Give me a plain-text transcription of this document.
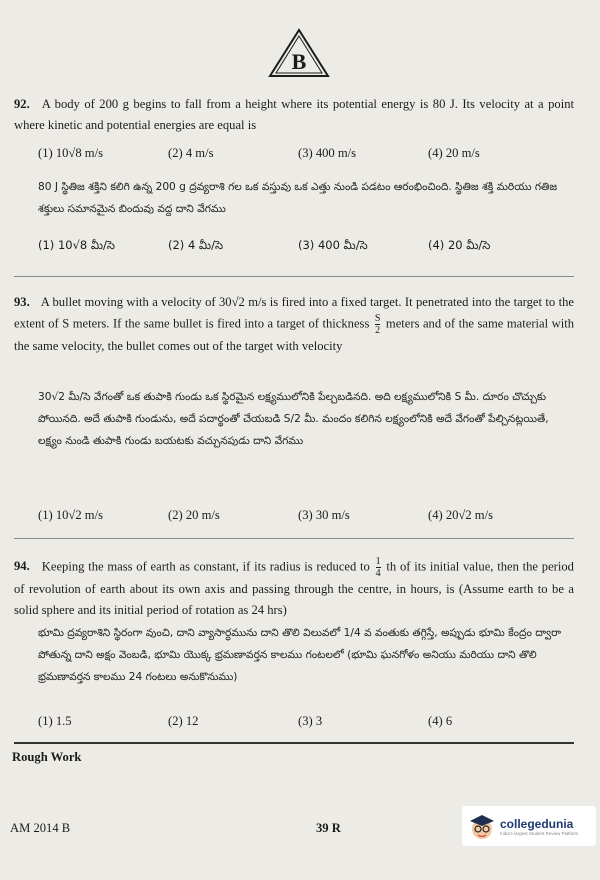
B
92. A body of 200 g begins to fall from a height where its potential energy is 80 J. Its velocity at a point where kinetic and potential energies are equal is
(1) 10√8 m/s	(2) 4 m/s	(3) 400 m/s	(4) 20 m/s
80 J స్థితిజ శక్తిని కలిగి ఉన్న 200 g ద్రవ్యరాశి గల ఒక వస్తువు ఒక ఎత్తు నుండి పడటం ఆరంభించింది. స్థితిజ శక్తి మరియు గతిజ శక్తులు సమానమైన బిందువు వద్ద దాని వేగము
(1) 10√8 మీ/సె	(2) 4 మీ/సె	(3) 400 మీ/సె	(4) 20 మీ/సె
93. A bullet moving with a velocity of 30√2 m/s is fired into a fixed target. It penetrated into the target to the extent of S meters. If the same bullet is fired into a target of thickness $\frac{S}{2}$ meters and of the same material with the same velocity, the bullet comes out of the target with velocity
30√2 మీ/సె వేగంతో ఒక తుపాకి గుండు ఒక స్థిరమైన లక్ష్యములోనికి పేల్చబడినది. అది లక్ష్యములోనికి S మీ. దూరం చొచ్చుకు పోయినది. అదే తుపాకి గుండును, అదే పదార్థంతో చేయబడి S/2 మీ. మందం కలిగిన లక్ష్యంలోనికి అదే వేగంతో పేల్చినట్లయితే, లక్ష్యం నుండి తుపాకి గుండు బయటకు వచ్చునపుడు దాని వేగము
(1) 10√2 m/s	(2) 20 m/s	(3) 30 m/s	(4) 20√2 m/s
94. Keeping the mass of earth as constant, if its radius is reduced to $\frac{1}{4}$ th of its initial value, then the period of revolution of earth about its own axis and passing through the centre, in hours, is (Assume earth to be a solid sphere and its initial period of rotation as 24 hrs)
భూమి ద్రవ్యరాశిని స్థిరంగా వుంచి, దాని వ్యాసార్ధమును దాని తొలి విలువలో 1/4 వ వంతుకు తగ్గిస్తే, అప్పుడు భూమి కేంద్రం ద్వారా పోతున్న దాని అక్షం వెంబడి, భూమి యొక్క భ్రమణావర్తన కాలము గంటలలో (భూమి ఘనగోళం అనియు మరియు దాని తొలి భ్రమణావర్తన కాలము 24 గంటలు అనుకొనుము)
(1) 1.5	(2) 12	(3) 3	(4) 6
Rough Work
AM 2014 B	39 R	collegedunia
India's largest Student Review Platform
